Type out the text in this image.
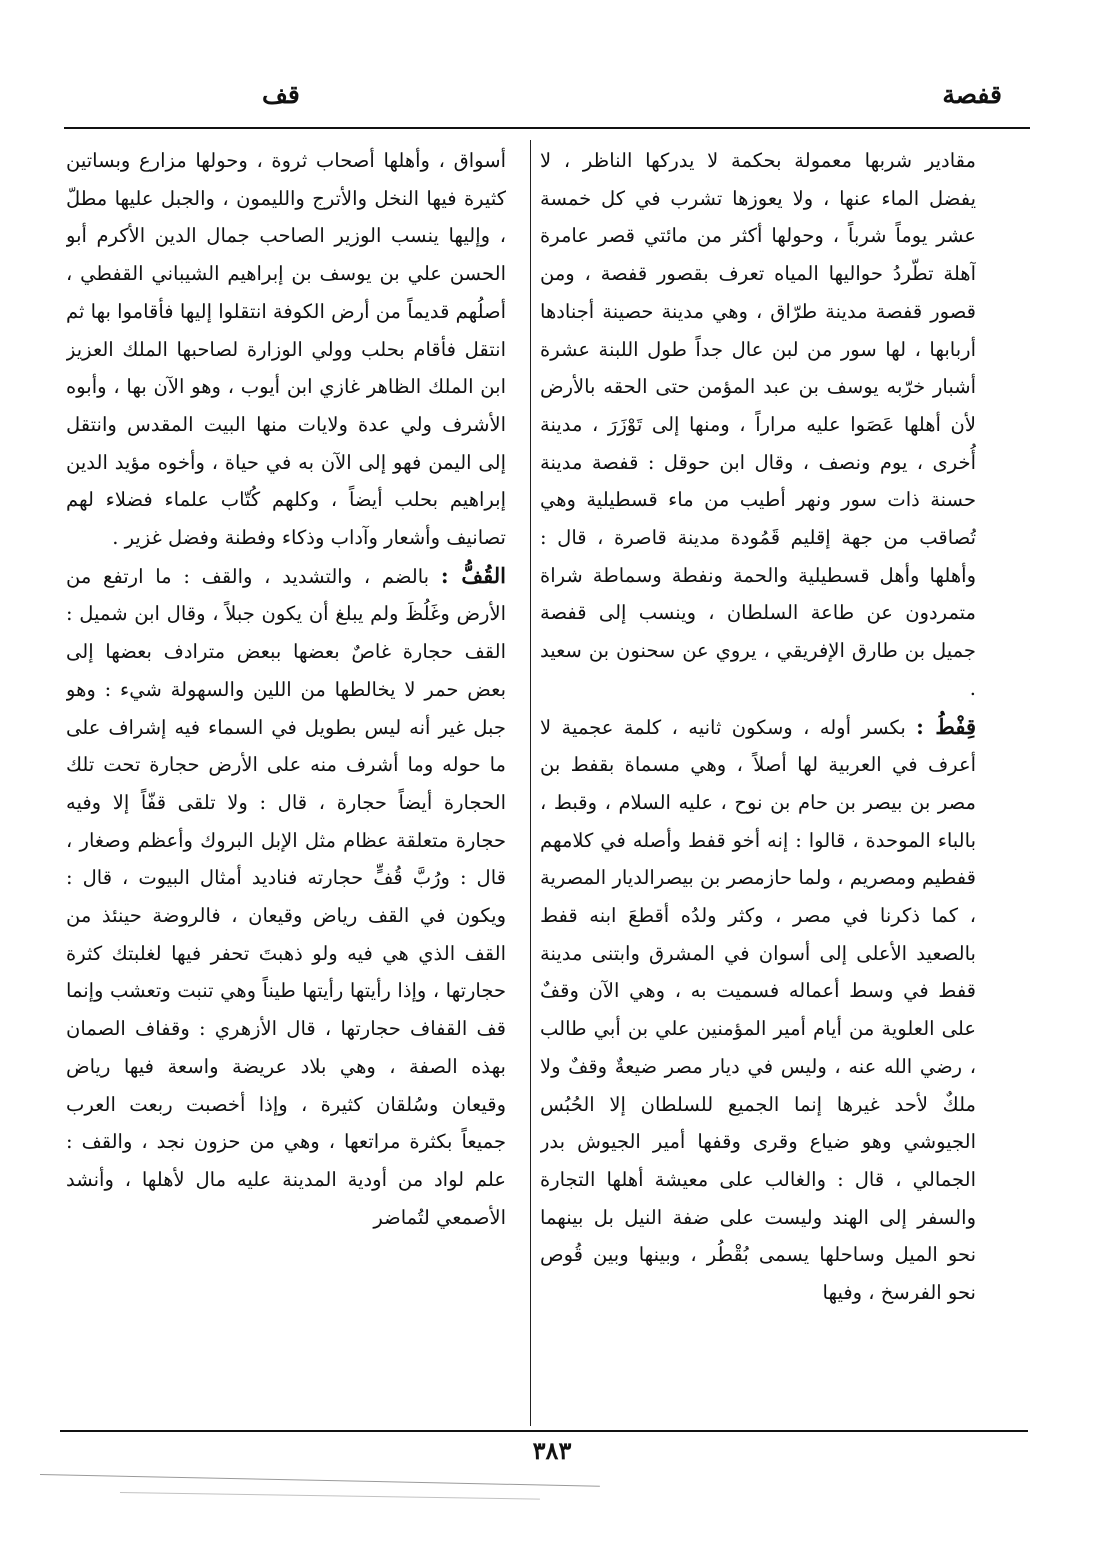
قفصة
قف

مقادير شربها معمولة بحكمة لا يدركها الناظر ، لا يفضل الماء عنها ، ولا يعوزها تشرب في كل خمسة عشر يوماً شرباً ، وحولها أكثر من مائتي قصر عامرة آهلة تطّردُ حواليها المياه تعرف بقصور قفصة ، ومن قصور قفصة مدينة طرّاق ، وهي مدينة حصينة أجنادها أربابها ، لها سور من لبن عال جداً طول اللبنة عشرة أشبار خرّبه يوسف بن عبد المؤمن حتى الحقه بالأرض لأن أهلها عَصَوا عليه مراراً ، ومنها إلى تَوْزَرَ ، مدينة أُخرى ، يوم ونصف ، وقال ابن حوقل : قفصة مدينة حسنة ذات سور ونهر أطيب من ماء قسطيلية وهي تُصاقب من جهة إقليم قَمُودة مدينة قاصرة ، قال : وأهلها وأهل قسطيلية والحمة ونفطة وسماطة شراة متمردون عن طاعة السلطان ، وينسب إلى قفصة جميل بن طارق الإفريقي ، يروي عن سحنون بن سعيد .

قِفْطُ : بكسر أوله ، وسكون ثانيه ، كلمة عجمية لا أعرف في العربية لها أصلاً ، وهي مسماة بقفط بن مصر بن بيصر بن حام بن نوح ، عليه السلام ، وقبط ، بالباء الموحدة ، قالوا : إنه أخو قفط وأصله في كلامهم قفطيم ومصريم ، ولما حازمصر بن بيصرالديار المصرية ، كما ذكرنا في مصر ، وكثر ولدُه أقطعَ ابنه قفط بالصعيد الأعلى إلى أسوان في المشرق وابتنى مدينة قفط في وسط أعماله فسميت به ، وهي الآن وقفٌ على العلوية من أيام أمير المؤمنين علي بن أبي طالب ، رضي الله عنه ، وليس في ديار مصر ضيعةٌ وقفٌ ولا ملكٌ لأحد غيرها إنما الجميع للسلطان إلا الحُبُس الجيوشي وهو ضياع وقرى وقفها أمير الجيوش بدر الجمالي ، قال : والغالب على معيشة أهلها التجارة والسفر إلى الهند وليست على ضفة النيل بل بينهما نحو الميل وساحلها يسمى بُقْطُر ، وبينها وبين قُوص نحو الفرسخ ، وفيها

أسواق ، وأهلها أصحاب ثروة ، وحولها مزارع وبساتين كثيرة فيها النخل والأترج والليمون ، والجبل عليها مطلّ ، وإليها ينسب الوزير الصاحب جمال الدين الأكرم أبو الحسن علي بن يوسف بن إبراهيم الشيباني القفطي ، أصلُهم قديماً من أرض الكوفة انتقلوا إليها فأقاموا بها ثم انتقل فأقام بحلب وولي الوزارة لصاحبها الملك العزيز ابن الملك الظاهر غازي ابن أيوب ، وهو الآن بها ، وأبوه الأشرف ولي عدة ولايات منها البيت المقدس وانتقل إلى اليمن فهو إلى الآن به في حياة ، وأخوه مؤيد الدين إبراهيم بحلب أيضاً ، وكلهم كُتّاب علماء فضلاء لهم تصانيف وأشعار وآداب وذكاء وفطنة وفضل غزير .

القُفُّ : بالضم ، والتشديد ، والقف : ما ارتفع من الأرض وغَلُظَ ولم يبلغ أن يكون جبلاً ، وقال ابن شميل : القف حجارة غاصٌ بعضها ببعض مترادف بعضها إلى بعض حمر لا يخالطها من اللين والسهولة شيء : وهو جبل غير أنه ليس بطويل في السماء فيه إشراف على ما حوله وما أشرف منه على الأرض حجارة تحت تلك الحجارة أيضاً حجارة ، قال : ولا تلقى قفّاً إلا وفيه حجارة متعلقة عظام مثل الإبل البروك وأعظم وصغار ، قال : ورُبَّ قُفٍّ حجارته فناديد أمثال البيوت ، قال : ويكون في القف رياض وقيعان ، فالروضة حينئذ من القف الذي هي فيه ولو ذهبتَ تحفر فيها لغلبتك كثرة حجارتها ، وإذا رأيتها رأيتها طيناً وهي تنبت وتعشب وإنما قف القفاف حجارتها ، قال الأزهري : وقفاف الصمان بهذه الصفة ، وهي بلاد عريضة واسعة فيها رياض وقيعان وسُلقان كثيرة ، وإذا أخصبت ربعت العرب جميعاً بكثرة مراتعها ، وهي من حزون نجد ، والقف : علم لواد من أودية المدينة عليه مال لأهلها ، وأنشد الأصمعي لتُماضر

٣٨٣
